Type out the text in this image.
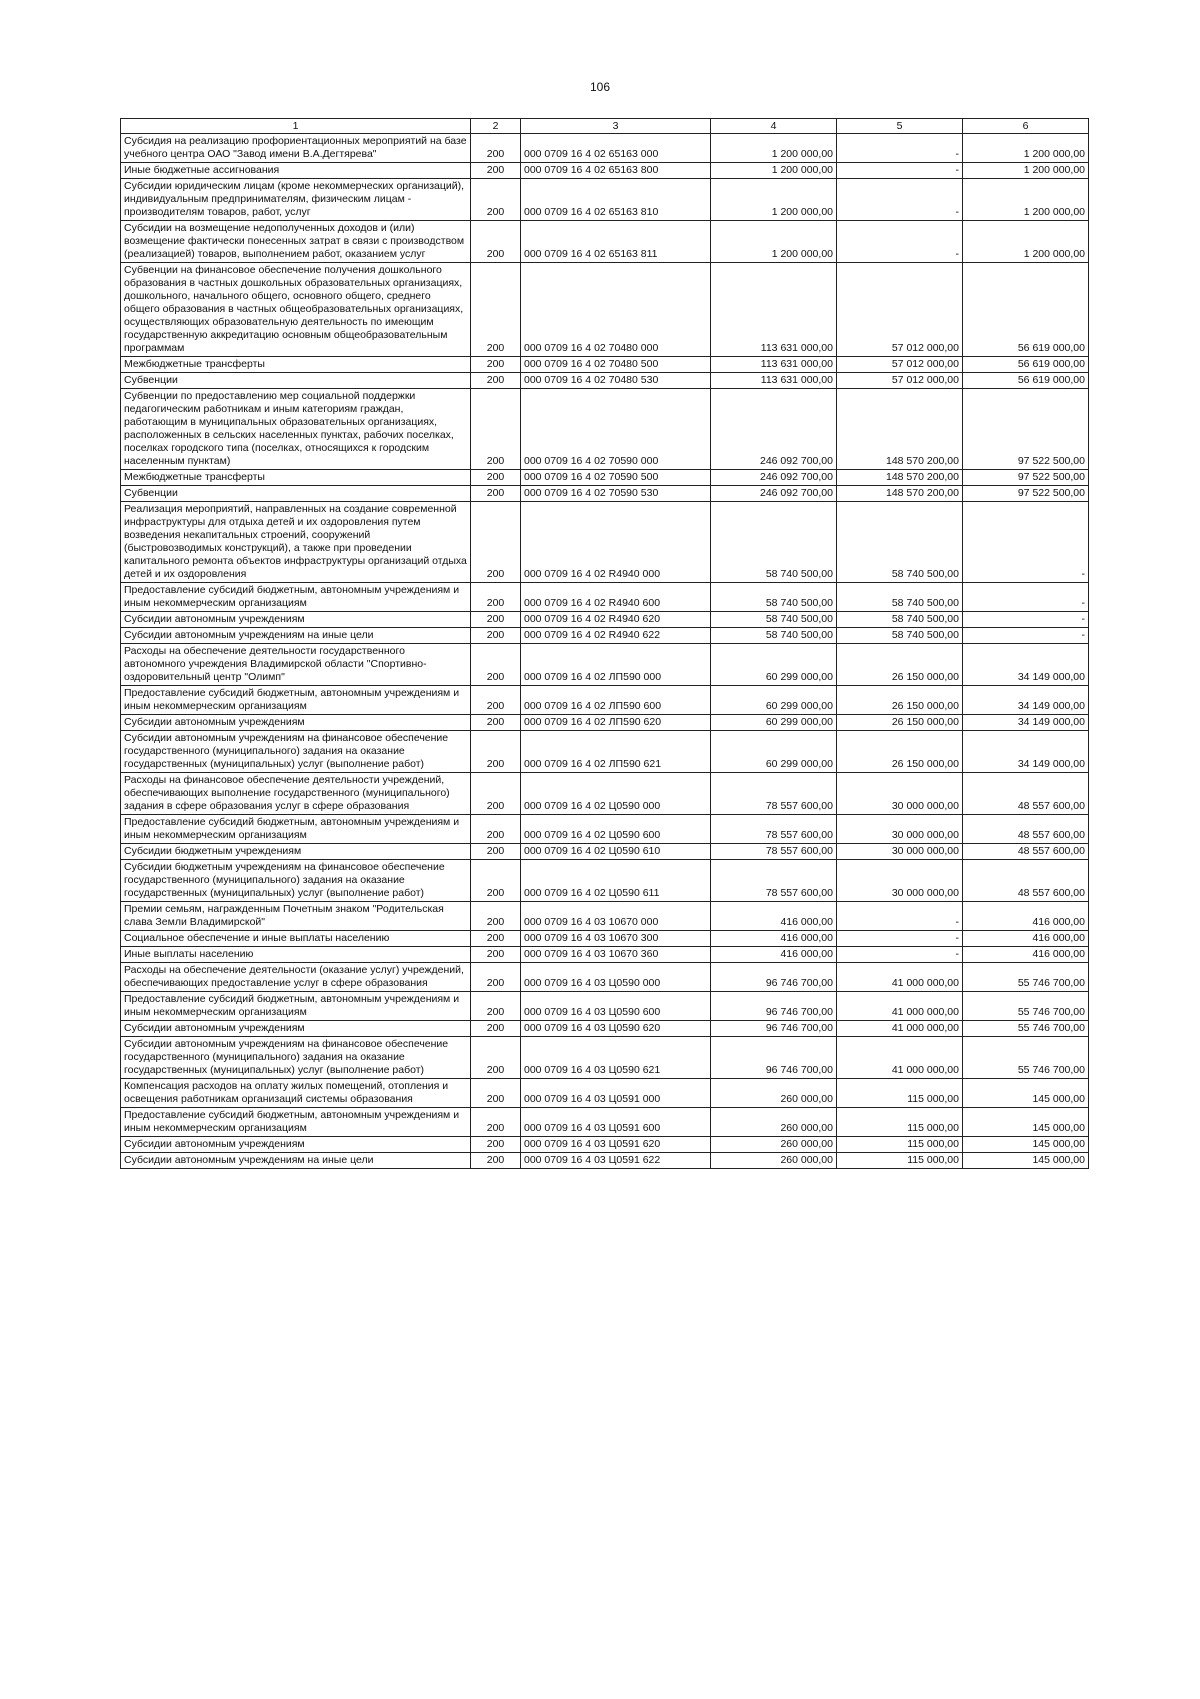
106
1	2	3	4	5	6
Субсидия на реализацию профориентационных мероприятий на базе учебного центра ОАО "Завод имени В.А.Дегтярева"	200	000 0709 16 4 02 65163 000	1 200 000,00	-	1 200 000,00
Иные бюджетные ассигнования	200	000 0709 16 4 02 65163 800	1 200 000,00	-	1 200 000,00
Субсидии юридическим лицам (кроме некоммерческих организаций), индивидуальным предпринимателям, физическим лицам - производителям товаров, работ, услуг	200	000 0709 16 4 02 65163 810	1 200 000,00	-	1 200 000,00
Субсидии на возмещение недополученных доходов и (или) возмещение фактически понесенных затрат в связи с производством (реализацией) товаров, выполнением работ, оказанием услуг	200	000 0709 16 4 02 65163 811	1 200 000,00	-	1 200 000,00
Субвенции на финансовое обеспечение получения дошкольного образования в частных дошкольных образовательных организациях, дошкольного, начального общего, основного общего, среднего общего образования в частных общеобразовательных организациях, осуществляющих образовательную деятельность по имеющим государственную аккредитацию основным общеобразовательным программам	200	000 0709 16 4 02 70480 000	113 631 000,00	57 012 000,00	56 619 000,00
Межбюджетные трансферты	200	000 0709 16 4 02 70480 500	113 631 000,00	57 012 000,00	56 619 000,00
Субвенции	200	000 0709 16 4 02 70480 530	113 631 000,00	57 012 000,00	56 619 000,00
Субвенции по предоставлению мер социальной поддержки педагогическим работникам и иным категориям граждан, работающим в муниципальных образовательных организациях, расположенных в сельских населенных пунктах, рабочих поселках, поселках городского типа (поселках, относящихся к городским населенным пунктам)	200	000 0709 16 4 02 70590 000	246 092 700,00	148 570 200,00	97 522 500,00
Межбюджетные трансферты	200	000 0709 16 4 02 70590 500	246 092 700,00	148 570 200,00	97 522 500,00
Субвенции	200	000 0709 16 4 02 70590 530	246 092 700,00	148 570 200,00	97 522 500,00
Реализация мероприятий, направленных на создание современной инфраструктуры для отдыха детей и их оздоровления путем возведения некапитальных строений, сооружений (быстровозводимых конструкций), а также при проведении капитального ремонта объектов инфраструктуры организаций отдыха детей и их оздоровления	200	000 0709 16 4 02 R4940 000	58 740 500,00	58 740 500,00	-
Предоставление субсидий бюджетным, автономным учреждениям и иным некоммерческим организациям	200	000 0709 16 4 02 R4940 600	58 740 500,00	58 740 500,00	-
Субсидии автономным учреждениям	200	000 0709 16 4 02 R4940 620	58 740 500,00	58 740 500,00	-
Субсидии автономным учреждениям на иные цели	200	000 0709 16 4 02 R4940 622	58 740 500,00	58 740 500,00	-
Расходы на обеспечение деятельности государственного автономного учреждения Владимирской области "Спортивно-оздоровительный центр "Олимп"	200	000 0709 16 4 02 ЛП590 000	60 299 000,00	26 150 000,00	34 149 000,00
Предоставление субсидий бюджетным, автономным учреждениям и иным некоммерческим организациям	200	000 0709 16 4 02 ЛП590 600	60 299 000,00	26 150 000,00	34 149 000,00
Субсидии автономным учреждениям	200	000 0709 16 4 02 ЛП590 620	60 299 000,00	26 150 000,00	34 149 000,00
Субсидии автономным учреждениям на финансовое обеспечение государственного (муниципального) задания на оказание государственных (муниципальных) услуг (выполнение работ)	200	000 0709 16 4 02 ЛП590 621	60 299 000,00	26 150 000,00	34 149 000,00
Расходы на финансовое обеспечение деятельности учреждений, обеспечивающих выполнение государственного (муниципального) задания в сфере образования услуг в сфере образования	200	000 0709 16 4 02 Ц0590 000	78 557 600,00	30 000 000,00	48 557 600,00
Предоставление субсидий бюджетным, автономным учреждениям и иным некоммерческим организациям	200	000 0709 16 4 02 Ц0590 600	78 557 600,00	30 000 000,00	48 557 600,00
Субсидии бюджетным учреждениям	200	000 0709 16 4 02 Ц0590 610	78 557 600,00	30 000 000,00	48 557 600,00
Субсидии бюджетным учреждениям на финансовое обеспечение государственного (муниципального) задания на оказание государственных (муниципальных) услуг (выполнение работ)	200	000 0709 16 4 02 Ц0590 611	78 557 600,00	30 000 000,00	48 557 600,00
Премии семьям, награжденным Почетным знаком "Родительская слава Земли Владимирской"	200	000 0709 16 4 03 10670 000	416 000,00	-	416 000,00
Социальное обеспечение и иные выплаты населению	200	000 0709 16 4 03 10670 300	416 000,00	-	416 000,00
Иные выплаты населению	200	000 0709 16 4 03 10670 360	416 000,00	-	416 000,00
Расходы на обеспечение деятельности (оказание услуг) учреждений, обеспечивающих предоставление услуг в сфере образования	200	000 0709 16 4 03 Ц0590 000	96 746 700,00	41 000 000,00	55 746 700,00
Предоставление субсидий бюджетным, автономным учреждениям и иным некоммерческим организациям	200	000 0709 16 4 03 Ц0590 600	96 746 700,00	41 000 000,00	55 746 700,00
Субсидии автономным учреждениям	200	000 0709 16 4 03 Ц0590 620	96 746 700,00	41 000 000,00	55 746 700,00
Субсидии автономным учреждениям на финансовое обеспечение государственного (муниципального) задания на оказание государственных (муниципальных) услуг (выполнение работ)	200	000 0709 16 4 03 Ц0590 621	96 746 700,00	41 000 000,00	55 746 700,00
Компенсация расходов на оплату жилых помещений, отопления и освещения работникам организаций системы образования	200	000 0709 16 4 03 Ц0591 000	260 000,00	115 000,00	145 000,00
Предоставление субсидий бюджетным, автономным учреждениям и иным некоммерческим организациям	200	000 0709 16 4 03 Ц0591 600	260 000,00	115 000,00	145 000,00
Субсидии автономным учреждениям	200	000 0709 16 4 03 Ц0591 620	260 000,00	115 000,00	145 000,00
Субсидии автономным учреждениям на иные цели	200	000 0709 16 4 03 Ц0591 622	260 000,00	115 000,00	145 000,00
